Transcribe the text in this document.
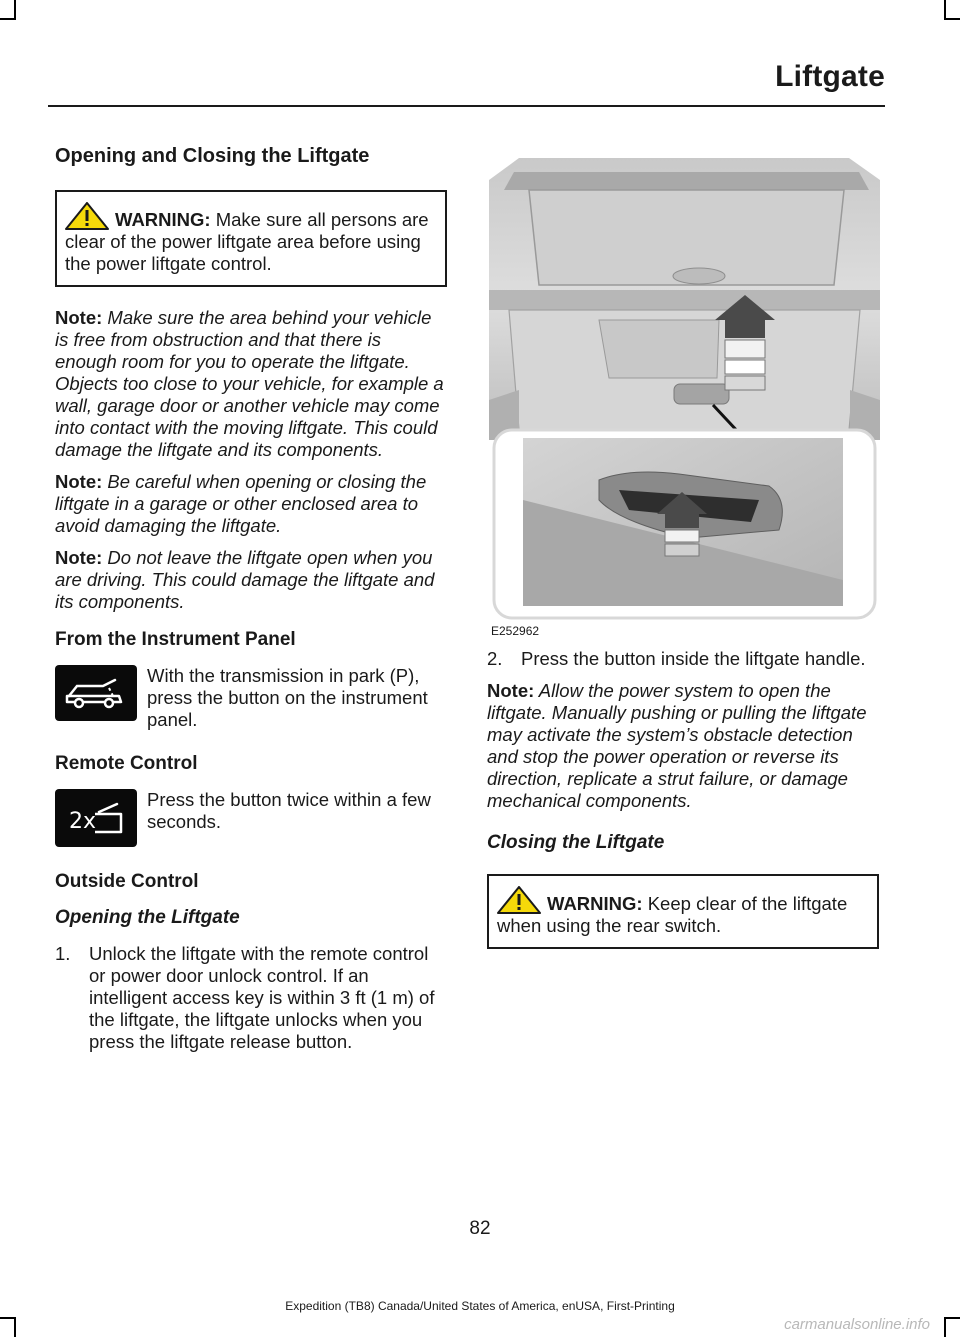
Liftgate
Opening and Closing the Liftgate
WARNING: Make sure all persons are clear of the power liftgate area before using the power liftgate control.

Note: Make sure the area behind your vehicle is free from obstruction and that there is enough room for you to operate the liftgate. Objects too close to your vehicle, for example a wall, garage door or another vehicle may come into contact with the moving liftgate. This could damage the liftgate and its components.

Note: Be careful when opening or closing the liftgate in a garage or other enclosed area to avoid damaging the liftgate.

Note: Do not leave the liftgate open when you are driving. This could damage the liftgate and its components.

From the Instrument Panel

With the transmission in park (P), press the button on the instrument panel.

Remote Control
2x

Press the button twice within a few seconds.

Outside Control
Opening the Liftgate
1.	Unlock the liftgate with the remote control or power door unlock control. If an intelligent access key is within 3 ft (1 m) of the liftgate, the liftgate unlocks when you press the liftgate release button.
E252962
2.	Press the button inside the liftgate handle.

Note: Allow the power system to open the liftgate. Manually pushing or pulling the liftgate may activate the system’s obstacle detection and stop the power operation or reverse its direction, replicate a strut failure, or damage mechanical components.

Closing the Liftgate
WARNING: Keep clear of the liftgate when using the rear switch.
82
Expedition (TB8) Canada/United States of America, enUSA, First-Printing
carmanualsonline.info
